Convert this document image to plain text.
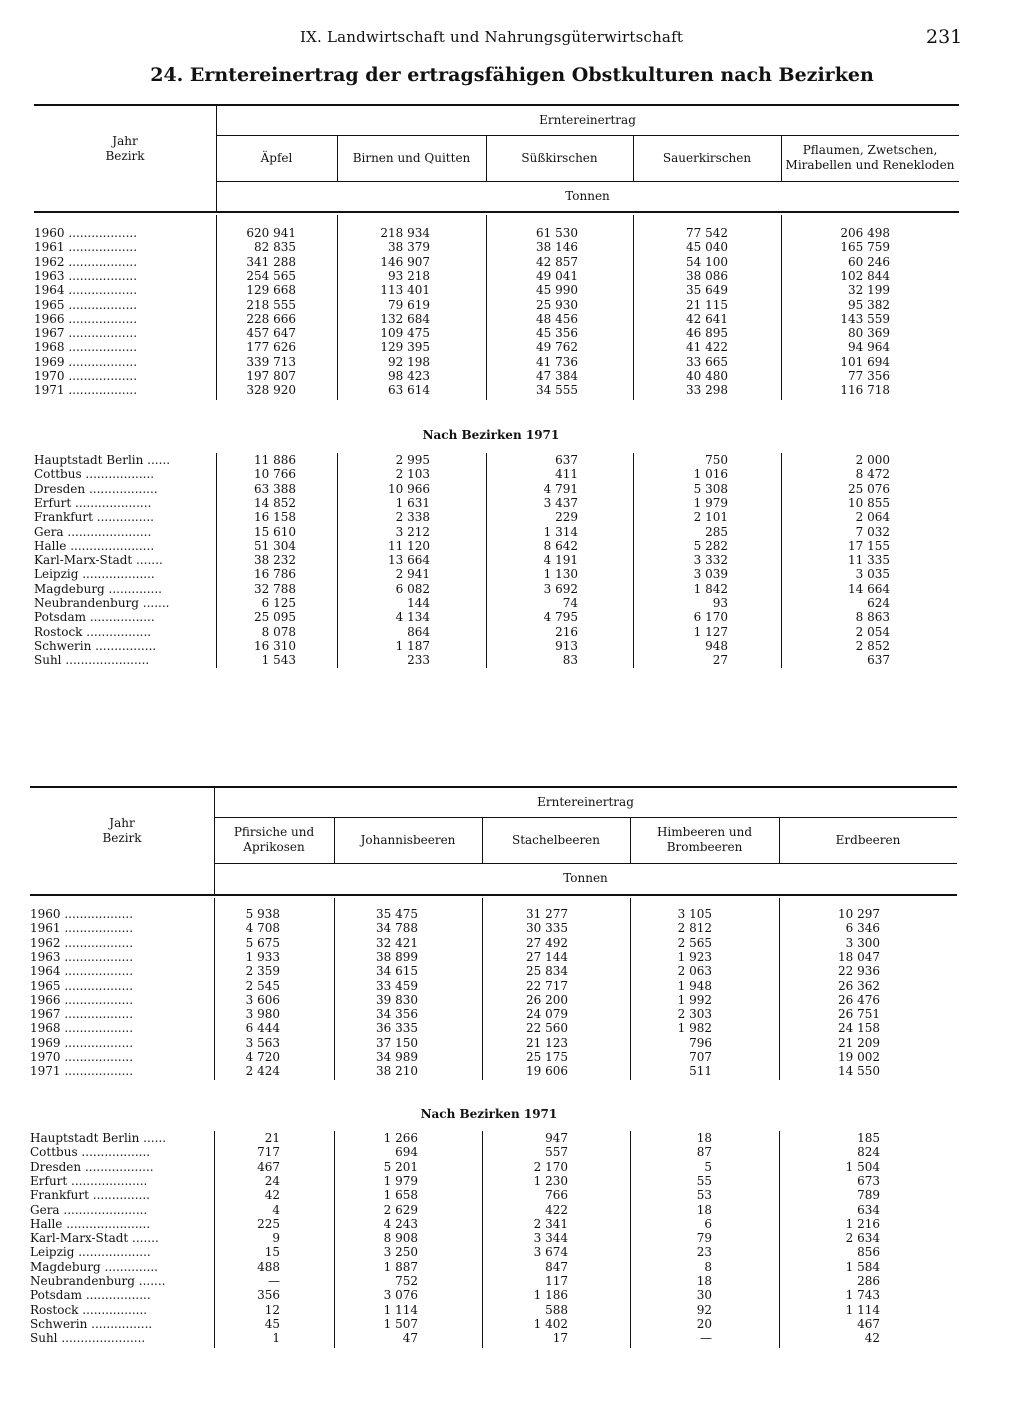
IX. Landwirtschaft und Nahrungsgüterwirtschaft	231
24. Erntereinertrag der ertragsfähigen Obstkulturen nach Bezirken
Jahr
Bezirk
Erntereinertrag
Tonnen
Äpfel	Birnen und Quitten	Süßkirschen	Sauerkirschen
Pflaumen, Zwetschen,
Mirabellen und Renekloden
1960 ..................	620 941	218 934	61 530	77 542	206 498
1961 ..................	82 835	38 379	38 146	45 040	165 759
1962 ..................	341 288	146 907	42 857	54 100	60 246
1963 ..................	254 565	93 218	49 041	38 086	102 844
1964 ..................	129 668	113 401	45 990	35 649	32 199
1965 ..................	218 555	79 619	25 930	21 115	95 382
1966 ..................	228 666	132 684	48 456	42 641	143 559
1967 ..................	457 647	109 475	45 356	46 895	80 369
1968 ..................	177 626	129 395	49 762	41 422	94 964
1969 ..................	339 713	92 198	41 736	33 665	101 694
1970 ..................	197 807	98 423	47 384	40 480	77 356
1971 ..................	328 920	63 614	34 555	33 298	116 718
Nach Bezirken 1971
Hauptstadt Berlin ......	11 886	2 995	637	750	2 000
Cottbus ..................	10 766	2 103	411	1 016	8 472
Dresden ..................	63 388	10 966	4 791	5 308	25 076
Erfurt ....................	14 852	1 631	3 437	1 979	10 855
Frankfurt ...............	16 158	2 338	229	2 101	2 064
Gera ......................	15 610	3 212	1 314	285	7 032
Halle ......................	51 304	11 120	8 642	5 282	17 155
Karl-Marx-Stadt .......	38 232	13 664	4 191	3 332	11 335
Leipzig ...................	16 786	2 941	1 130	3 039	3 035
Magdeburg ..............	32 788	6 082	3 692	1 842	14 664
Neubrandenburg .......	6 125	144	74	93	624
Potsdam .................	25 095	4 134	4 795	6 170	8 863
Rostock .................	8 078	864	216	1 127	2 054
Schwerin ................	16 310	1 187	913	948	2 852
Suhl ......................	1 543	233	83	27	637
Jahr
Bezirk
Erntereinertrag
Tonnen
Pfirsiche und
Aprikosen
Johannisbeeren	Stachelbeeren
Himbeeren und
Brombeeren
Erdbeeren
1960 ..................	5 938	35 475	31 277	3 105	10 297
1961 ..................	4 708	34 788	30 335	2 812	6 346
1962 ..................	5 675	32 421	27 492	2 565	3 300
1963 ..................	1 933	38 899	27 144	1 923	18 047
1964 ..................	2 359	34 615	25 834	2 063	22 936
1965 ..................	2 545	33 459	22 717	1 948	26 362
1966 ..................	3 606	39 830	26 200	1 992	26 476
1967 ..................	3 980	34 356	24 079	2 303	26 751
1968 ..................	6 444	36 335	22 560	1 982	24 158
1969 ..................	3 563	37 150	21 123	796	21 209
1970 ..................	4 720	34 989	25 175	707	19 002
1971 ..................	2 424	38 210	19 606	511	14 550
Nach Bezirken 1971
Hauptstadt Berlin ......	21	1 266	947	18	185
Cottbus ..................	717	694	557	87	824
Dresden ..................	467	5 201	2 170	5	1 504
Erfurt ....................	24	1 979	1 230	55	673
Frankfurt ...............	42	1 658	766	53	789
Gera ......................	4	2 629	422	18	634
Halle ......................	225	4 243	2 341	6	1 216
Karl-Marx-Stadt .......	9	8 908	3 344	79	2 634
Leipzig ...................	15	3 250	3 674	23	856
Magdeburg ..............	488	1 887	847	8	1 584
Neubrandenburg .......	—	752	117	18	286
Potsdam .................	356	3 076	1 186	30	1 743
Rostock .................	12	1 114	588	92	1 114
Schwerin ................	45	1 507	1 402	20	467
Suhl ......................	1	47	17	—	42
